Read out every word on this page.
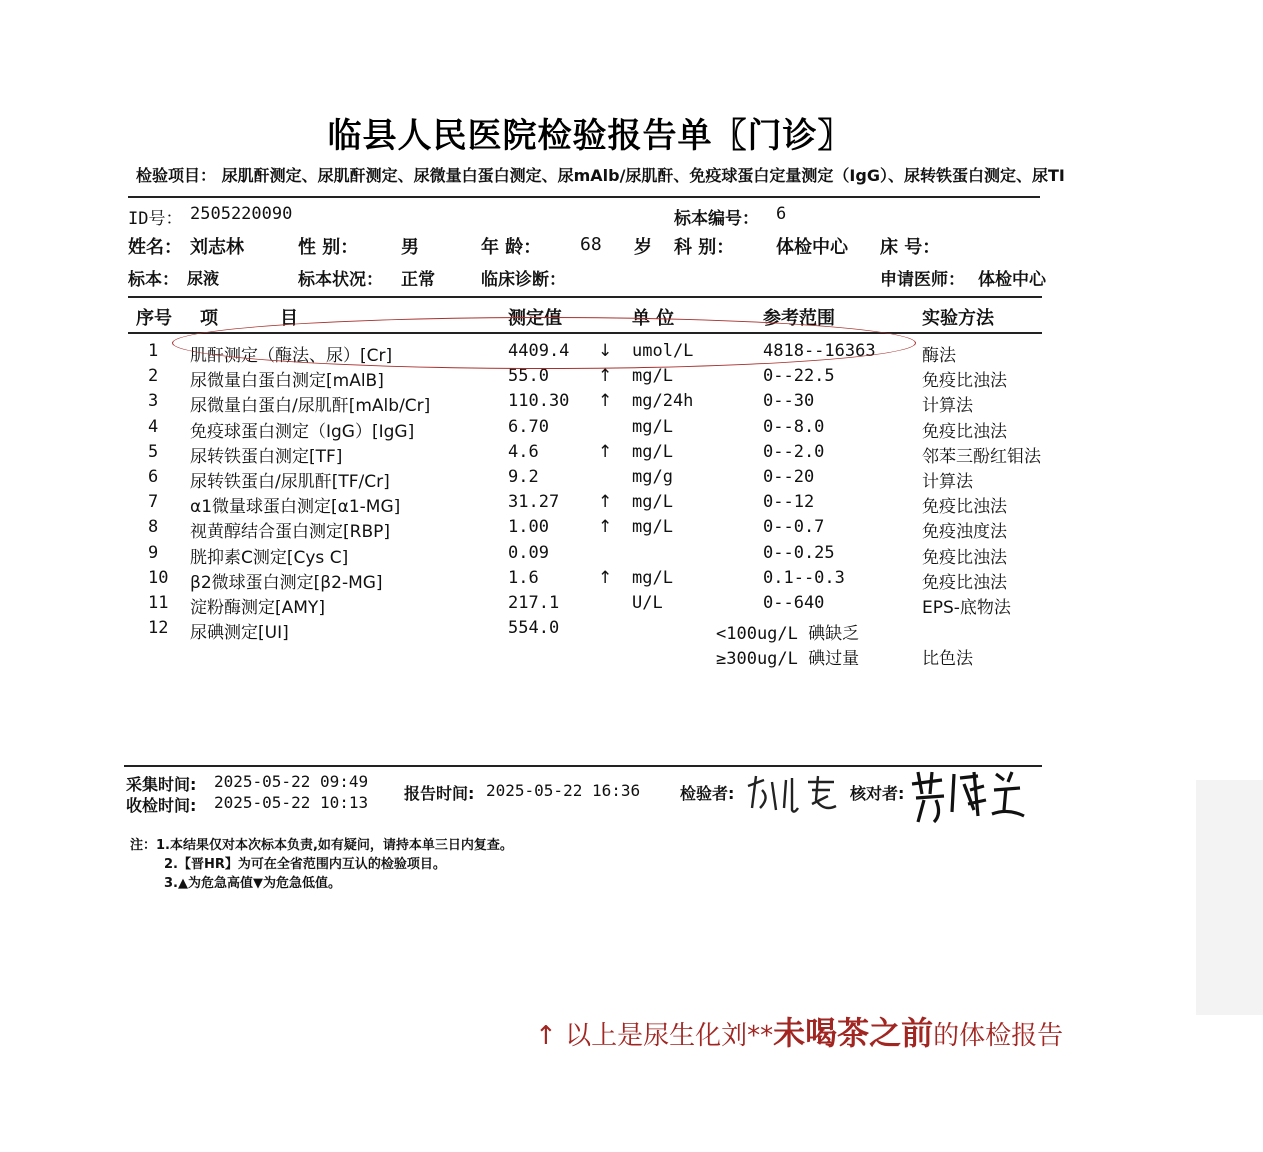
临县人民医院检验报告单〖门诊〗
检验项目： 尿肌酐测定、尿肌酐测定、尿微量白蛋白测定、尿mAlb/尿肌酐、免疫球蛋白定量测定（IgG）、尿转铁蛋白测定、尿TI
ID号： 2505220090	标本编号： 6
姓名： 刘志林	性 别： 男	年 龄： 68 岁 科 别： 体检中心 床 号：
标本： 尿液	标本状况： 正常	临床诊断：	申请医师： 体检中心
序号 项	目	测定值	单 位	参考范围	实验方法
1 肌酐测定（酶法、尿）[Cr]	4409.4 ↓ umol/L	4818--16363	酶法
2 尿微量白蛋白测定[mAlB]	55.0	↑ mg/L	0--22.5	免疫比浊法
3 尿微量白蛋白/尿肌酐[mAlb/Cr]	110.30 ↑ mg/24h	0--30	计算法
4 免疫球蛋白测定（IgG）[IgG]	6.70	mg/L	0--8.0	免疫比浊法
5 尿转铁蛋白测定[TF]	4.6	↑ mg/L	0--2.0	邻苯三酚红钼法
6 尿转铁蛋白/尿肌酐[TF/Cr]	9.2	mg/g	0--20	计算法
7 α1微量球蛋白测定[α1-MG]	31.27 ↑ mg/L	0--12	免疫比浊法
8 视黄醇结合蛋白测定[RBP]	1.00	↑ mg/L	0--0.7	免疫浊度法
9 胱抑素C测定[Cys C]	0.09	0--0.25	免疫比浊法
10 β2微球蛋白测定[β2-MG]	1.6	↑ mg/L	0.1--0.3	免疫比浊法
11 淀粉酶测定[AMY]	217.1	U/L	0--640	EPS-底物法
12 尿碘测定[UI]	554.0	<100ug/L 碘缺乏
≥300ug/L 碘过量	比色法
采集时间: 2025-05-22 09:49
收检时间: 2025-05-22 10:13 报告时间: 2025-05-22 16:36 检验者:	核对者:
注：1.本结果仅对本次标本负责,如有疑问，请持本单三日内复查。
2.【晋HR】为可在全省范围内互认的检验项目。
3.▲为危急高值▼为危急低值。
↑ 以上是尿生化刘**未喝茶之前的体检报告
